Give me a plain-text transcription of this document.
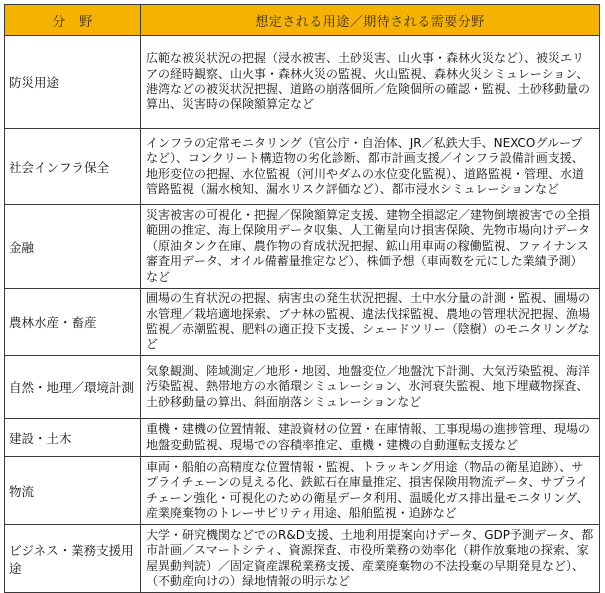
分　野	想定される用途／期待される需要分野
防災用途	広範な被災状況の把握（浸水被害、土砂災害、山火事・森林火災など）、被災エリアの経時観察、山火事・森林火災の監視、火山監視、森林火災シミュレーション、港湾などの被災状況把握、道路の崩落個所／危険個所の確認・監視、土砂移動量の算出、災害時の保険額算定など
社会インフラ保全	インフラの定常モニタリング（官公庁・自治体、JR／私鉄大手、NEXCOグループなど）、コンクリート構造物の劣化診断、都市計画支援／インフラ設備計画支援、地形変位の把握、水位監視（河川やダムの水位変化監視）、道路監視・管理、水道管路監視（漏水検知、漏水リスク評価など）、都市浸水シミュレーションなど
金融	災害被害の可視化・把握／保険額算定支援、建物全損認定／建物倒壊被害での全損範囲の推定、海上保険用データ収集、人工衛星向け損害保険、先物市場向けデータ（原油タンク在庫、農作物の育成状況把握、鉱山用車両の稼働監視、ファイナンス審査用データ、オイル備蓄量推定など）、株価予想（車両数を元にした業績予測）など
農林水産・畜産	圃場の生育状況の把握、病害虫の発生状況把握、土中水分量の計測・監視、圃場の水管理／栽培適地探索、ブナ林の監視、違法伐採監視、農地の管理状況把握、漁場監視／赤潮監視、肥料の適正投下支援、シェードツリー（陰樹）のモニタリングなど
自然・地理／環境計測	気象観測、陸域測定／地形・地図、地盤変位／地盤沈下計測、大気汚染監視、海洋汚染監視、熱帯地方の水循環シミュレーション、氷河衰失監視、地下埋蔵物探査、土砂移動量の算出、斜面崩落シミュレーションなど
建設・土木	重機・建機の位置情報、建設資材の位置・在庫情報、工事現場の進捗管理、現場の地盤変動監視、現場での容積率推定、重機・建機の自動運転支援など
物流	車両・船舶の高精度な位置情報・監視、トラッキング用途（物品の衛星追跡）、サプライチェーンの見える化、鉄鉱石在庫量推定、損害保険用物流データ、サプライチェーン強化・可視化のための衛星データ利用、温暖化ガス排出量モニタリング、産業廃棄物のトレーサビリティ用途、船舶監視・追跡など
ビジネス・業務支援用途	大学・研究機関などでのR&D支援、土地利用提案向けデータ、GDP予測データ、都市計画／スマートシティ、資源探査、市役所業務の効率化（耕作放棄地の探索、家屋異動判読）／固定資産課税業務支援、産業廃棄物の不法投棄の早期発見など）、（不動産向けの）緑地情報の明示など
